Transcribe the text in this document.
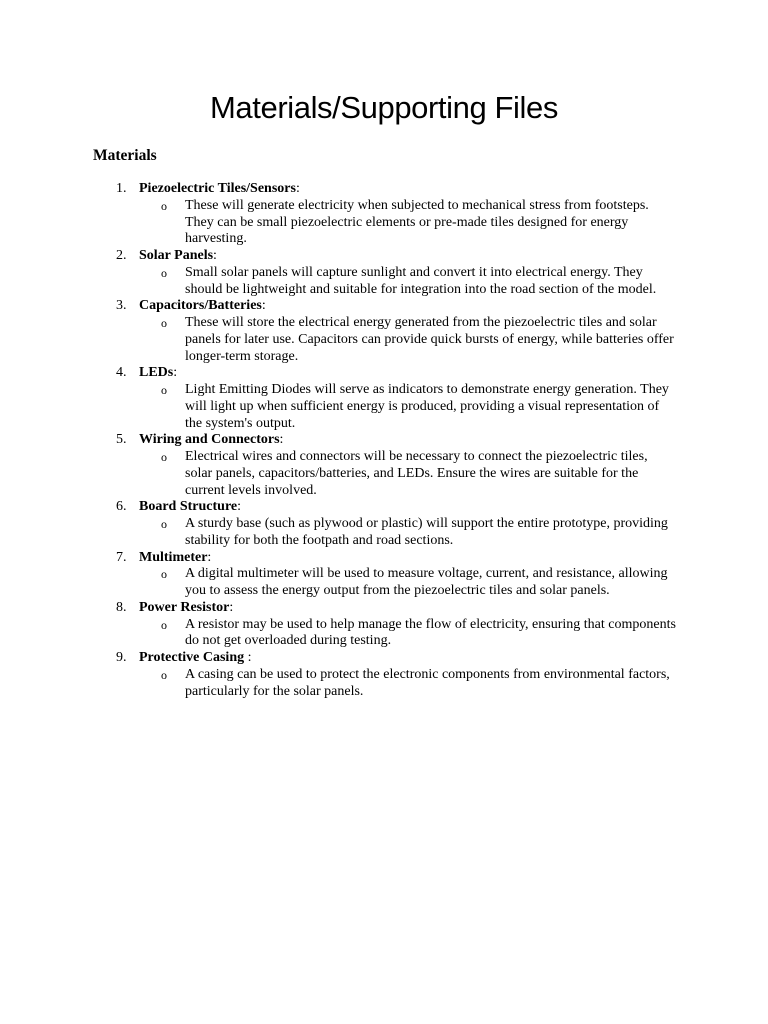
Materials/Supporting Files
Materials
1. Piezoelectric Tiles/Sensors:
o These will generate electricity when subjected to mechanical stress from footsteps. They can be small piezoelectric elements or pre-made tiles designed for energy harvesting.
2. Solar Panels:
o Small solar panels will capture sunlight and convert it into electrical energy. They should be lightweight and suitable for integration into the road section of the model.
3. Capacitors/Batteries:
o These will store the electrical energy generated from the piezoelectric tiles and solar panels for later use. Capacitors can provide quick bursts of energy, while batteries offer longer-term storage.
4. LEDs:
o Light Emitting Diodes will serve as indicators to demonstrate energy generation. They will light up when sufficient energy is produced, providing a visual representation of the system's output.
5. Wiring and Connectors:
o Electrical wires and connectors will be necessary to connect the piezoelectric tiles, solar panels, capacitors/batteries, and LEDs. Ensure the wires are suitable for the current levels involved.
6. Board Structure:
o A sturdy base (such as plywood or plastic) will support the entire prototype, providing stability for both the footpath and road sections.
7. Multimeter:
o A digital multimeter will be used to measure voltage, current, and resistance, allowing you to assess the energy output from the piezoelectric tiles and solar panels.
8. Power Resistor:
o A resistor may be used to help manage the flow of electricity, ensuring that components do not get overloaded during testing.
9. Protective Casing :
o A casing can be used to protect the electronic components from environmental factors, particularly for the solar panels.
